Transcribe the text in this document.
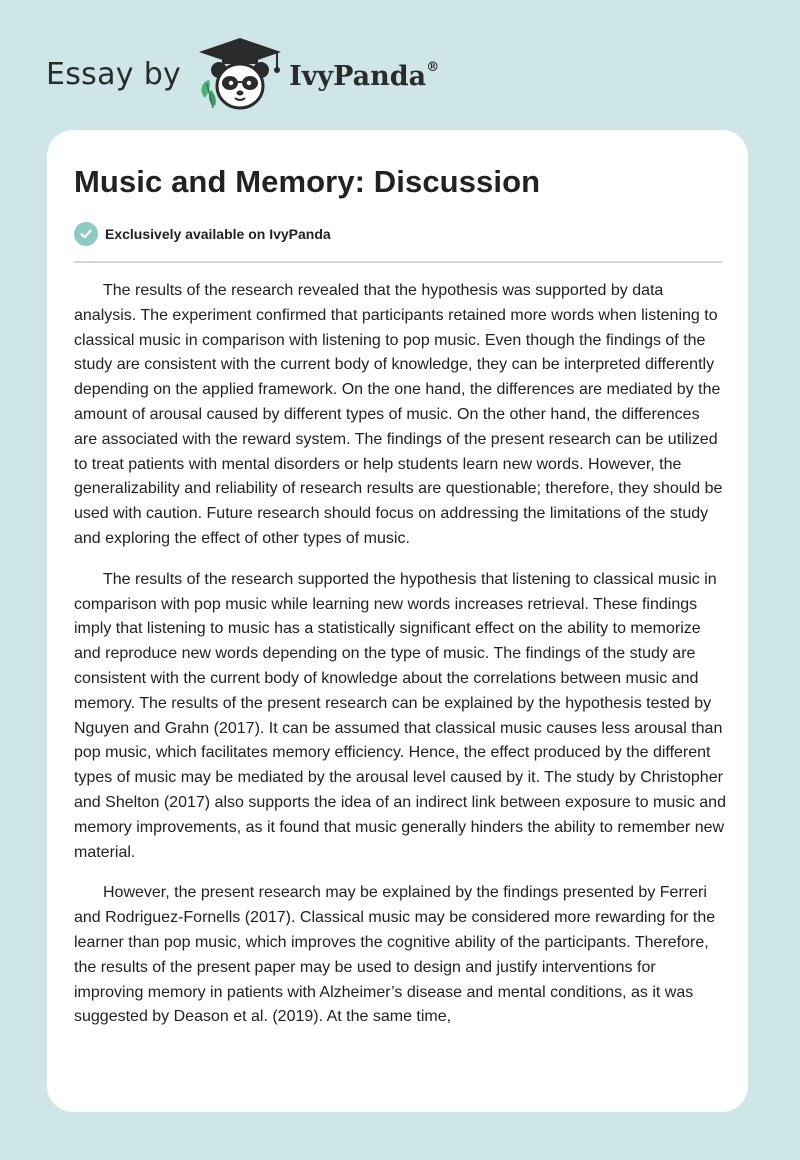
Essay by	IvyPanda®
Music and Memory: Discussion
Exclusively available on IvyPanda

The results of the research revealed that the hypothesis was supported by data analysis. The experiment confirmed that participants retained more words when listening to classical music in comparison with listening to pop music. Even though the findings of the study are consistent with the current body of knowledge, they can be interpreted differently depending on the applied framework. On the one hand, the differences are mediated by the amount of arousal caused by different types of music. On the other hand, the differences are associated with the reward system. The findings of the present research can be utilized to treat patients with mental disorders or help students learn new words. However, the generalizability and reliability of research results are questionable; therefore, they should be used with caution. Future research should focus on addressing the limitations of the study and exploring the effect of other types of music.

The results of the research supported the hypothesis that listening to classical music in comparison with pop music while learning new words increases retrieval. These findings imply that listening to music has a statistically significant effect on the ability to memorize and reproduce new words depending on the type of music. The findings of the study are consistent with the current body of knowledge about the correlations between music and memory. The results of the present research can be explained by the hypothesis tested by Nguyen and Grahn (2017). It can be assumed that classical music causes less arousal than pop music, which facilitates memory efficiency. Hence, the effect produced by the different types of music may be mediated by the arousal level caused by it. The study by Christopher and Shelton (2017) also supports the idea of an indirect link between exposure to music and memory improvements, as it found that music generally hinders the ability to remember new material.

However, the present research may be explained by the findings presented by Ferreri and Rodriguez-Fornells (2017). Classical music may be considered more rewarding for the learner than pop music, which improves the cognitive ability of the participants. Therefore, the results of the present paper may be used to design and justify interventions for improving memory in patients with Alzheimer’s disease and mental conditions, as it was suggested by Deason et al. (2019). At the same time,
